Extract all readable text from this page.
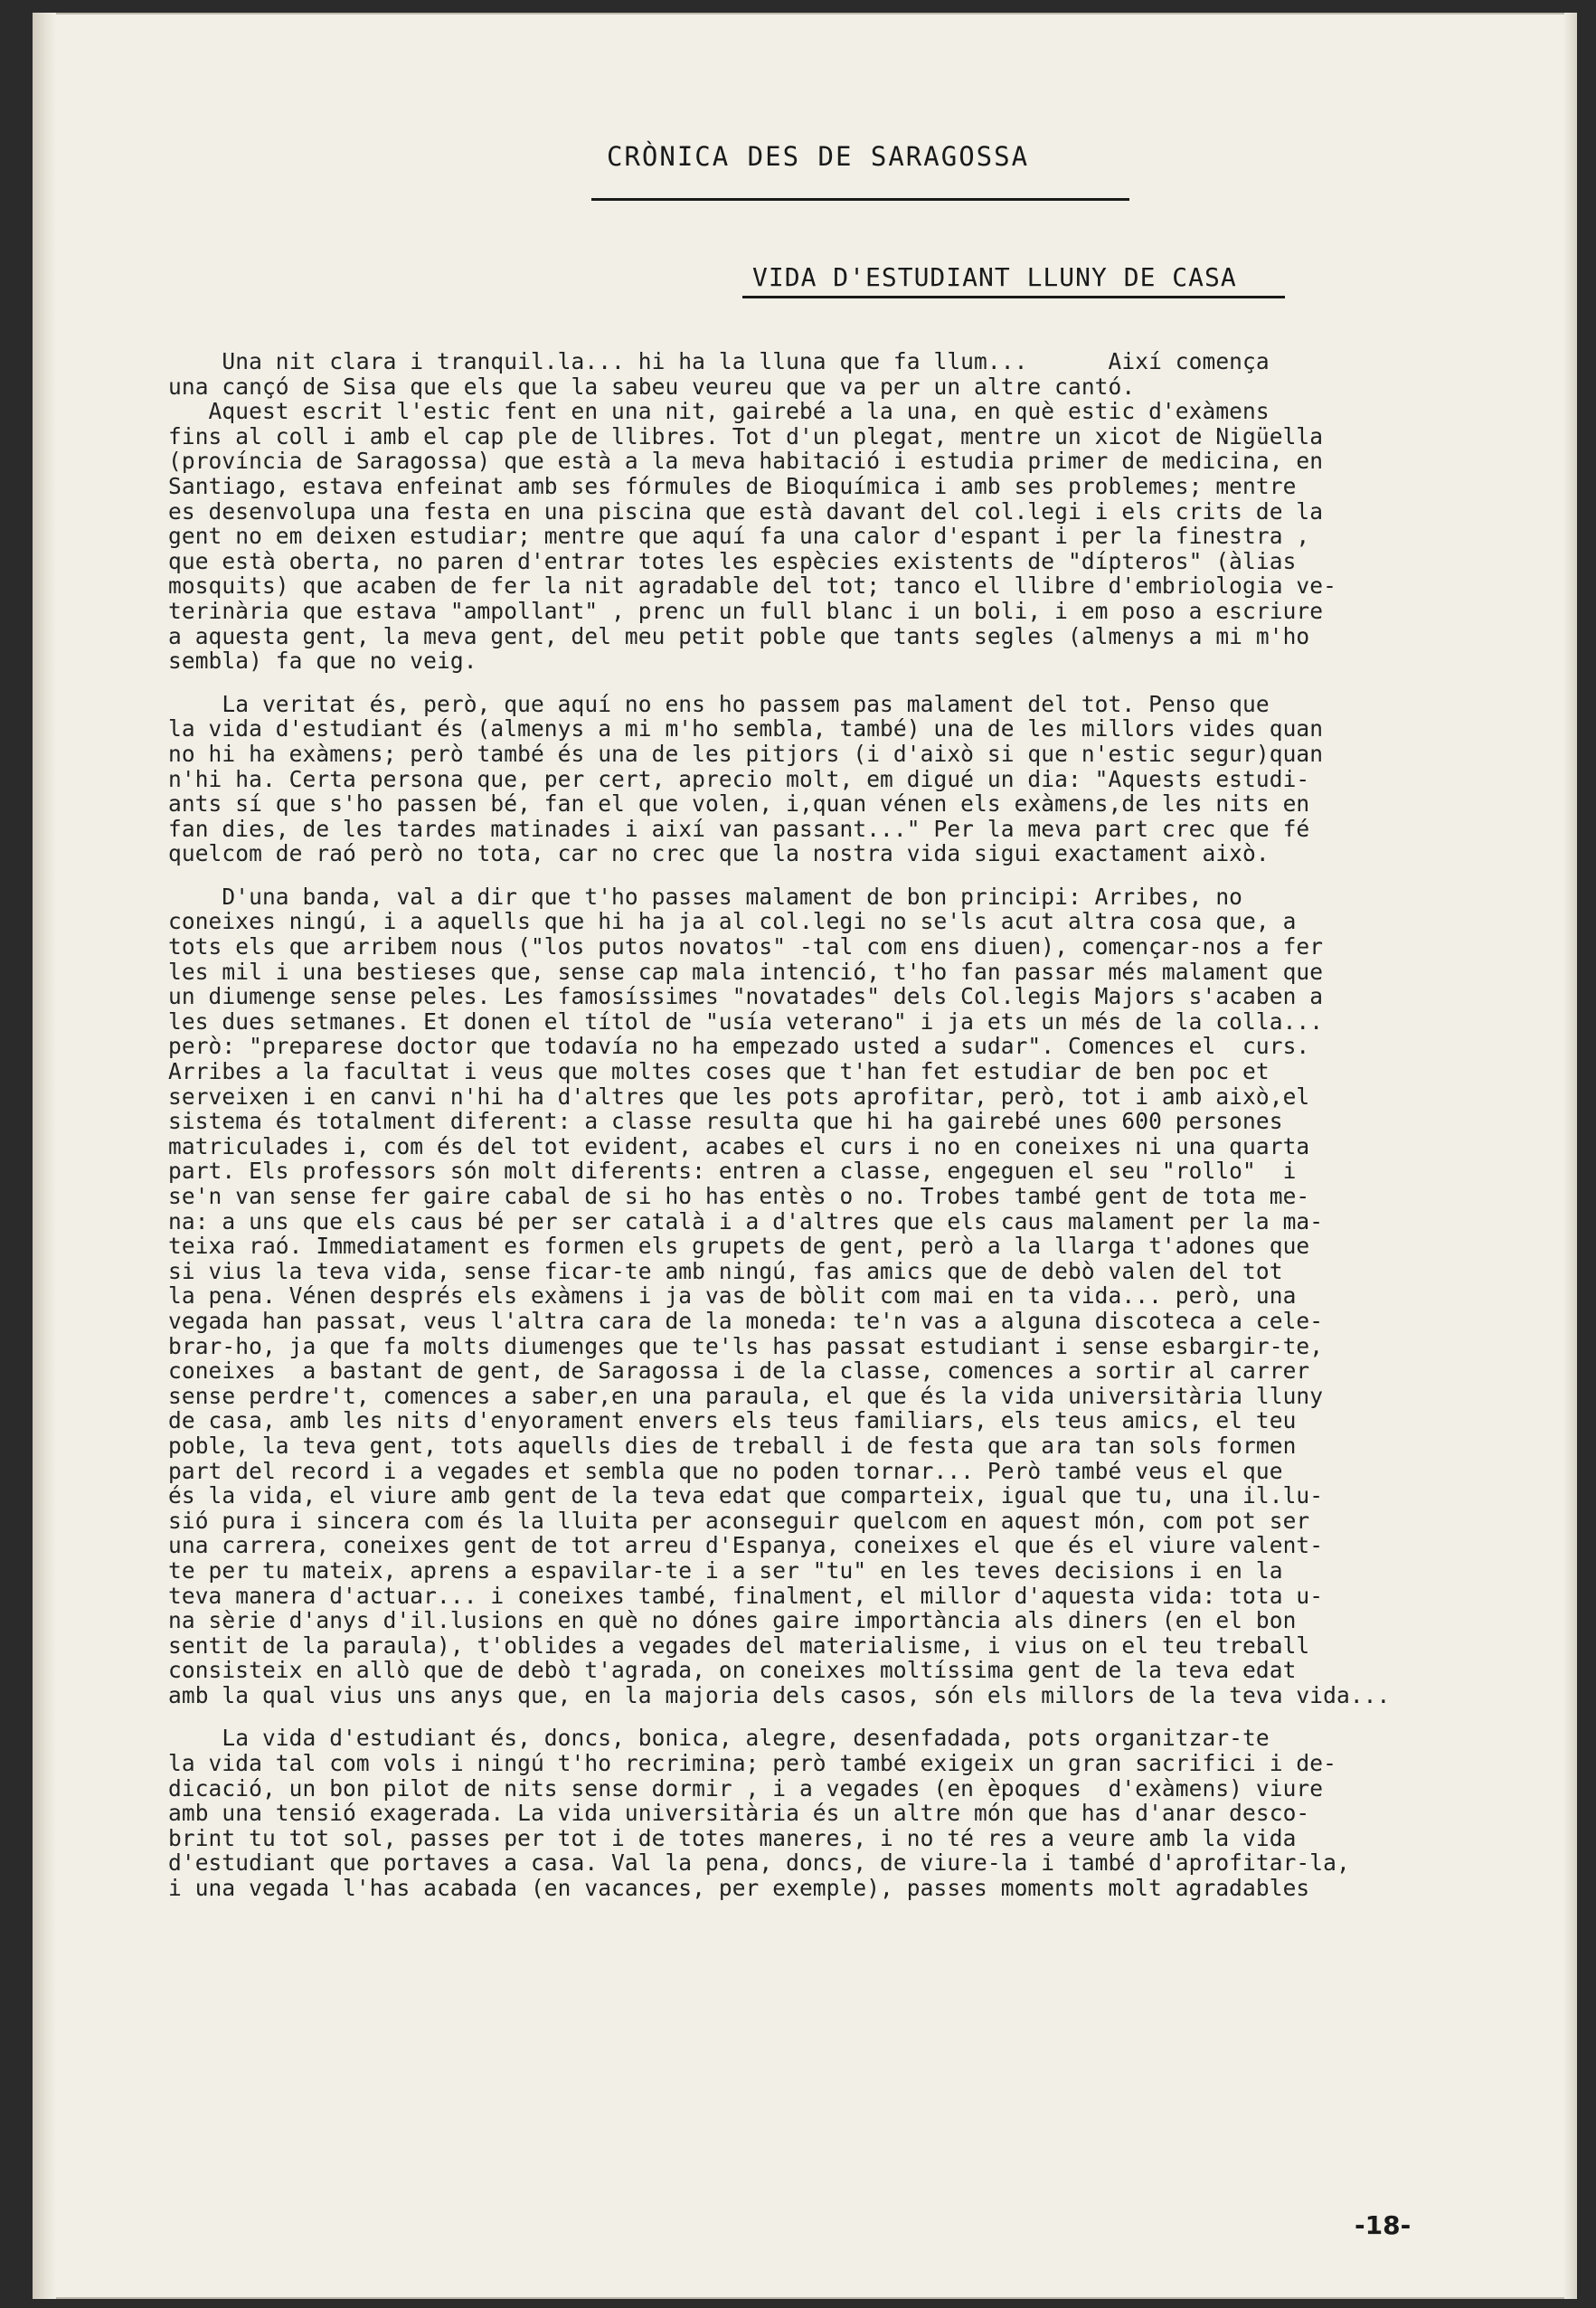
CRÒNICA DES DE SARAGOSSA
VIDA D'ESTUDIANT LLUNY DE CASA
Una nit clara i tranquil.la... hi ha la lluna que fa llum...      Així comença
una cançó de Sisa que els que la sabeu veureu que va per un altre cantó.
Aquest escrit l'estic fent en una nit, gairebé a la una, en què estic d'exàmens
fins al coll i amb el cap ple de llibres. Tot d'un plegat, mentre un xicot de Nigüella
(província de Saragossa) que està a la meva habitació i estudia primer de medicina, en
Santiago, estava enfeinat amb ses fórmules de Bioquímica i amb ses problemes; mentre
es desenvolupa una festa en una piscina que està davant del col.legi i els crits de la
gent no em deixen estudiar; mentre que aquí fa una calor d'espant i per la finestra ,
que està oberta, no paren d'entrar totes les espècies existents de "dípteros" (àlias
mosquits) que acaben de fer la nit agradable del tot; tanco el llibre d'embriologia ve-
terinària que estava "ampollant" , prenc un full blanc i un boli, i em poso a escriure
a aquesta gent, la meva gent, del meu petit poble que tants segles (almenys a mi m'ho
sembla) fa que no veig.
La veritat és, però, que aquí no ens ho passem pas malament del tot. Penso que
la vida d'estudiant és (almenys a mi m'ho sembla, també) una de les millors vides quan
no hi ha exàmens; però també és una de les pitjors (i d'això si que n'estic segur)quan
n'hi ha. Certa persona que, per cert, aprecio molt, em digué un dia: "Aquests estudi-
ants sí que s'ho passen bé, fan el que volen, i,quan vénen els exàmens,de les nits en
fan dies, de les tardes matinades i així van passant..." Per la meva part crec que fé
quelcom de raó però no tota, car no crec que la nostra vida sigui exactament això.
D'una banda, val a dir que t'ho passes malament de bon principi: Arribes, no
coneixes ningú, i a aquells que hi ha ja al col.legi no se'ls acut altra cosa que, a
tots els que arribem nous ("los putos novatos" -tal com ens diuen), començar-nos a fer
les mil i una bestieses que, sense cap mala intenció, t'ho fan passar més malament que
un diumenge sense peles. Les famosíssimes "novatades" dels Col.legis Majors s'acaben a
les dues setmanes. Et donen el títol de "usía veterano" i ja ets un més de la colla...
però: "preparese doctor que todavía no ha empezado usted a sudar". Comences el  curs.
Arribes a la facultat i veus que moltes coses que t'han fet estudiar de ben poc et
serveixen i en canvi n'hi ha d'altres que les pots aprofitar, però, tot i amb això,el
sistema és totalment diferent: a classe resulta que hi ha gairebé unes 600 persones
matriculades i, com és del tot evident, acabes el curs i no en coneixes ni una quarta
part. Els professors són molt diferents: entren a classe, engeguen el seu "rollo"  i
se'n van sense fer gaire cabal de si ho has entès o no. Trobes també gent de tota me-
na: a uns que els caus bé per ser català i a d'altres que els caus malament per la ma-
teixa raó. Immediatament es formen els grupets de gent, però a la llarga t'adones que
si vius la teva vida, sense ficar-te amb ningú, fas amics que de debò valen del tot
la pena. Vénen després els exàmens i ja vas de bòlit com mai en ta vida... però, una
vegada han passat, veus l'altra cara de la moneda: te'n vas a alguna discoteca a cele-
brar-ho, ja que fa molts diumenges que te'ls has passat estudiant i sense esbargir-te,
coneixes  a bastant de gent, de Saragossa i de la classe, comences a sortir al carrer
sense perdre't, comences a saber,en una paraula, el que és la vida universitària lluny
de casa, amb les nits d'enyorament envers els teus familiars, els teus amics, el teu
poble, la teva gent, tots aquells dies de treball i de festa que ara tan sols formen
part del record i a vegades et sembla que no poden tornar... Però també veus el que
és la vida, el viure amb gent de la teva edat que comparteix, igual que tu, una il.lu-
sió pura i sincera com és la lluita per aconseguir quelcom en aquest món, com pot ser
una carrera, coneixes gent de tot arreu d'Espanya, coneixes el que és el viure valent-
te per tu mateix, aprens a espavilar-te i a ser "tu" en les teves decisions i en la
teva manera d'actuar... i coneixes també, finalment, el millor d'aquesta vida: tota u-
na sèrie d'anys d'il.lusions en què no dónes gaire importància als diners (en el bon
sentit de la paraula), t'oblides a vegades del materialisme, i vius on el teu treball
consisteix en allò que de debò t'agrada, on coneixes moltíssima gent de la teva edat
amb la qual vius uns anys que, en la majoria dels casos, són els millors de la teva vida...
La vida d'estudiant és, doncs, bonica, alegre, desenfadada, pots organitzar-te
la vida tal com vols i ningú t'ho recrimina; però també exigeix un gran sacrifici i de-
dicació, un bon pilot de nits sense dormir , i a vegades (en èpoques  d'exàmens) viure
amb una tensió exagerada. La vida universitària és un altre món que has d'anar desco-
brint tu tot sol, passes per tot i de totes maneres, i no té res a veure amb la vida
d'estudiant que portaves a casa. Val la pena, doncs, de viure-la i també d'aprofitar-la,
i una vegada l'has acabada (en vacances, per exemple), passes moments molt agradables
-18-
